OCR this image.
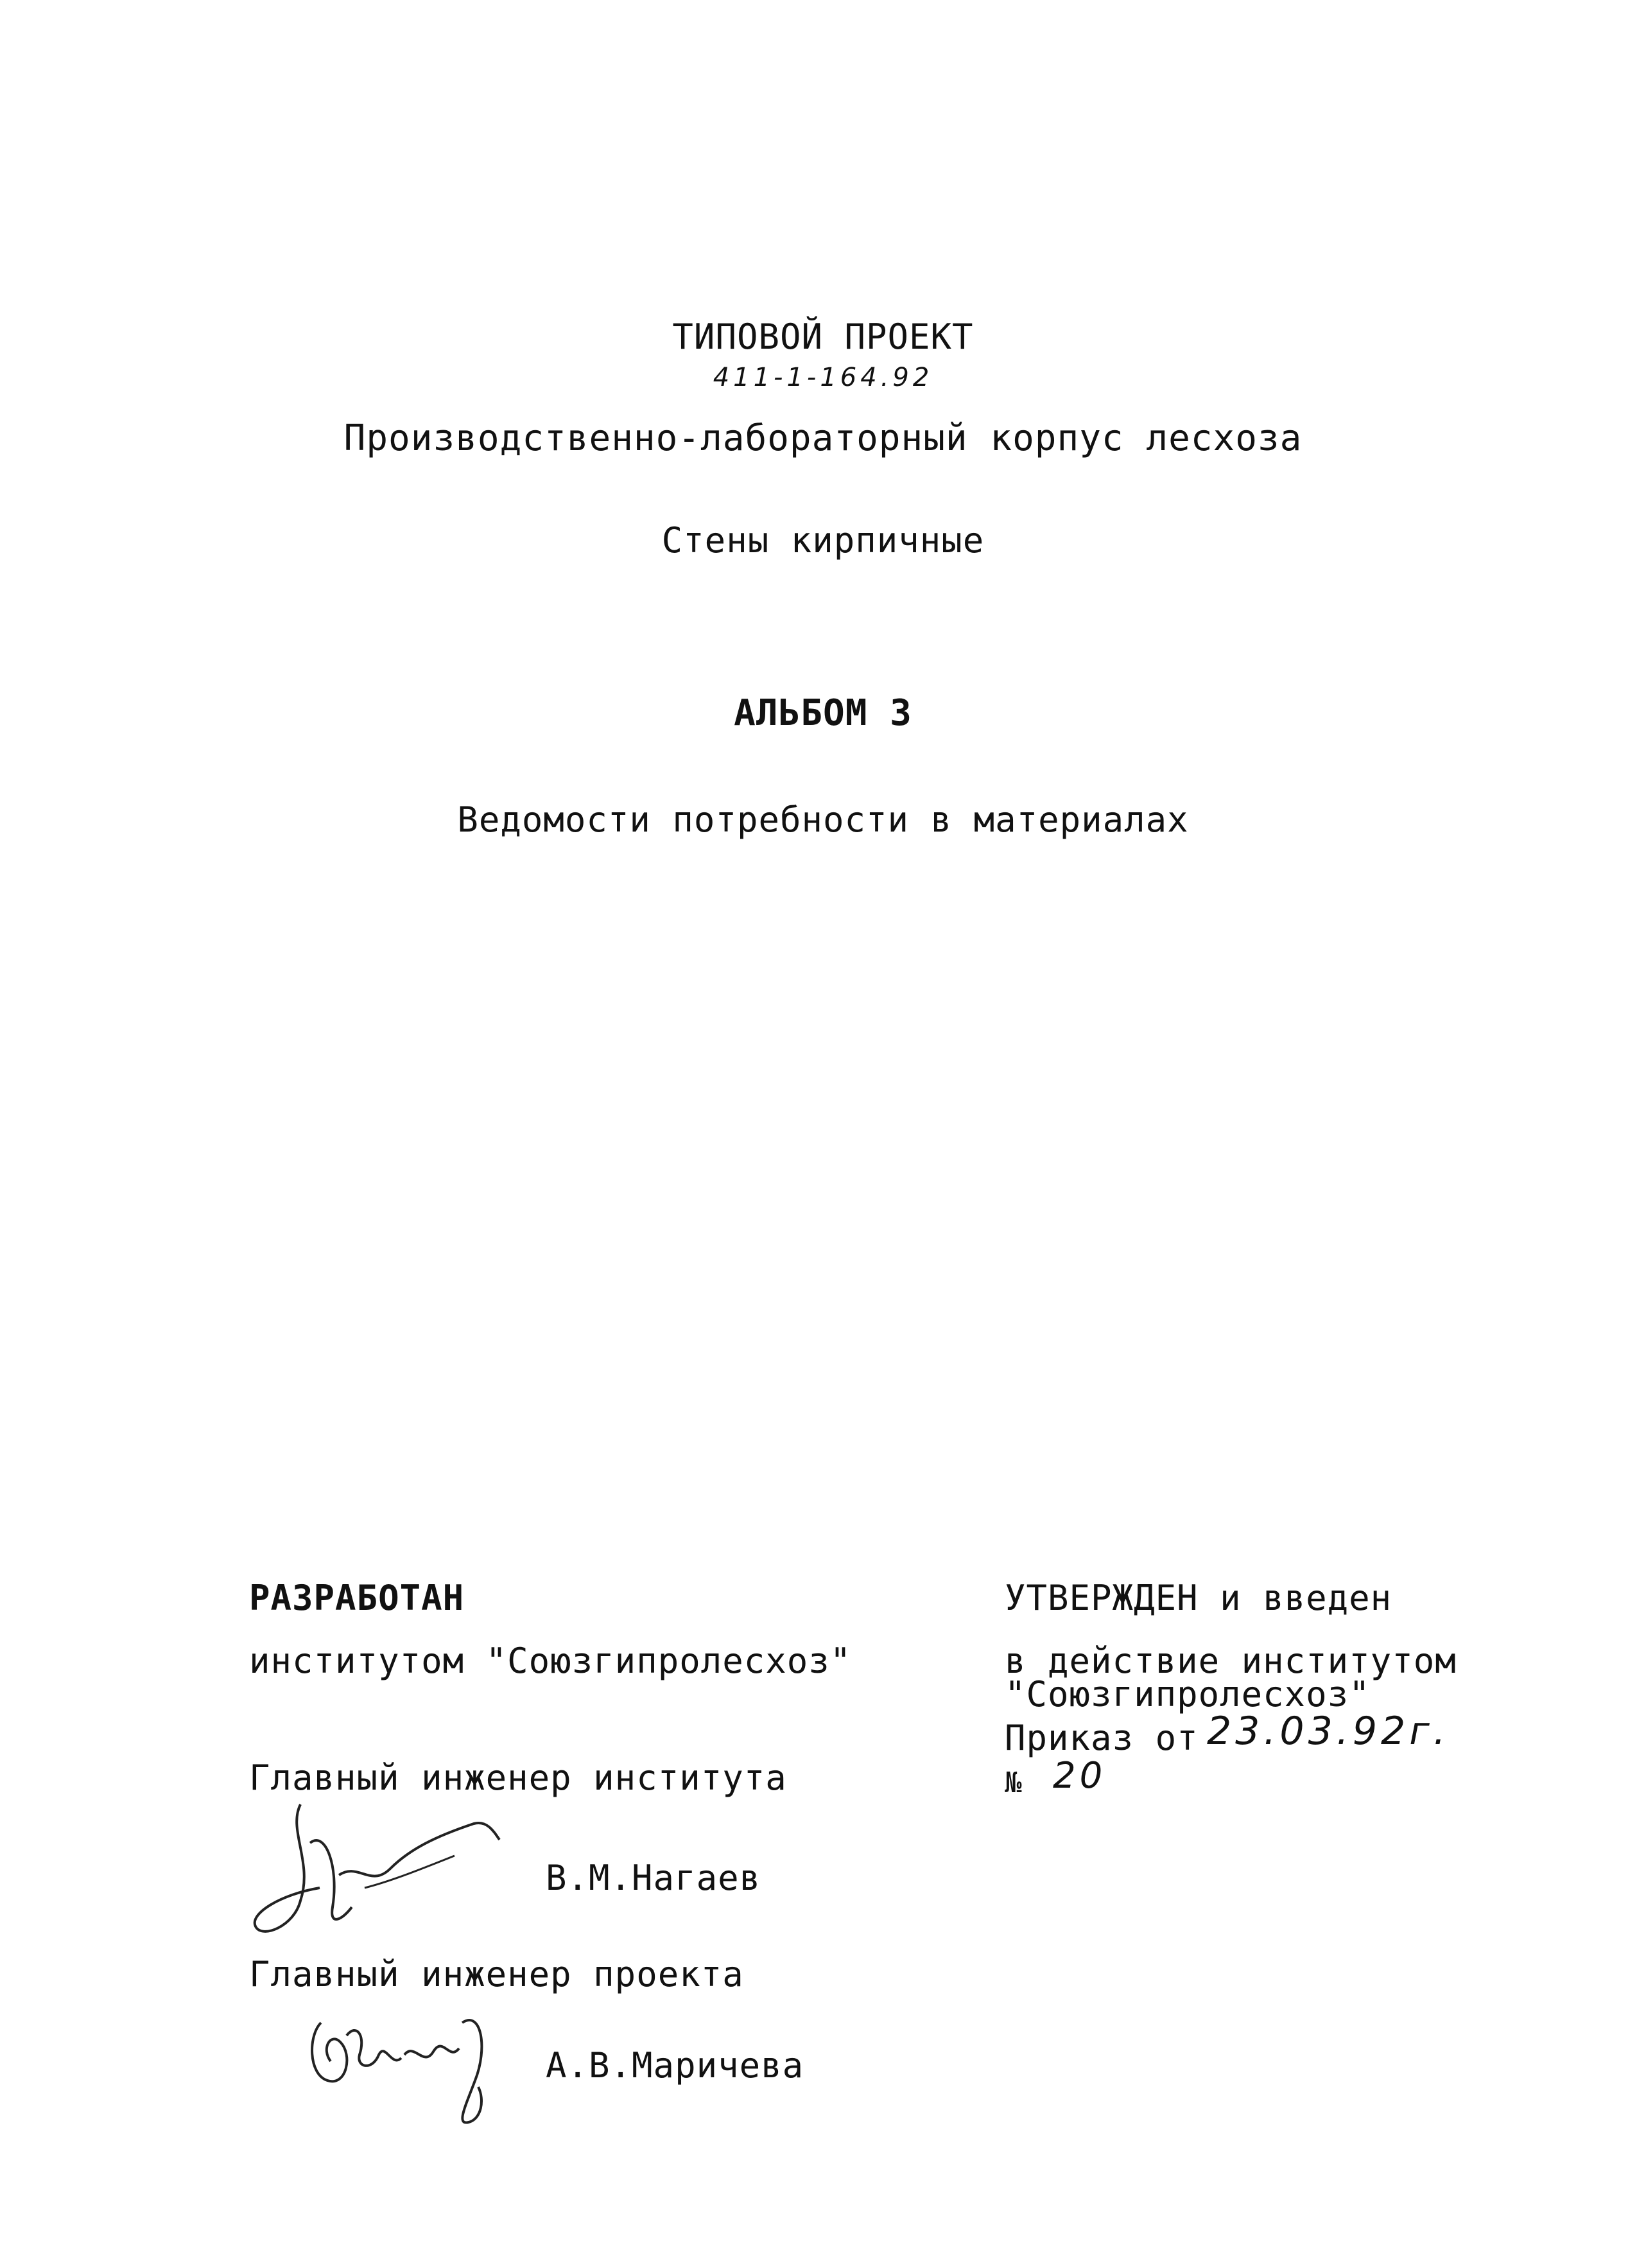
ТИПОВОЙ ПРОЕКТ
411-1-164.92
Производственно-лабораторный корпус лесхоза
Стены кирпичные
АЛЬБОМ 3
Ведомости потребности в материалах
РАЗРАБОТАН
институтом "Союзгипролесхоз"
УТВЕРЖДЕН и введен
в действие институтом
"Союзгипролесхоз"
Приказ от 23.03.92г.
№ 20
Главный инженер института
В.М.Нагаев
Главный инженер проекта
А.В.Маричева
